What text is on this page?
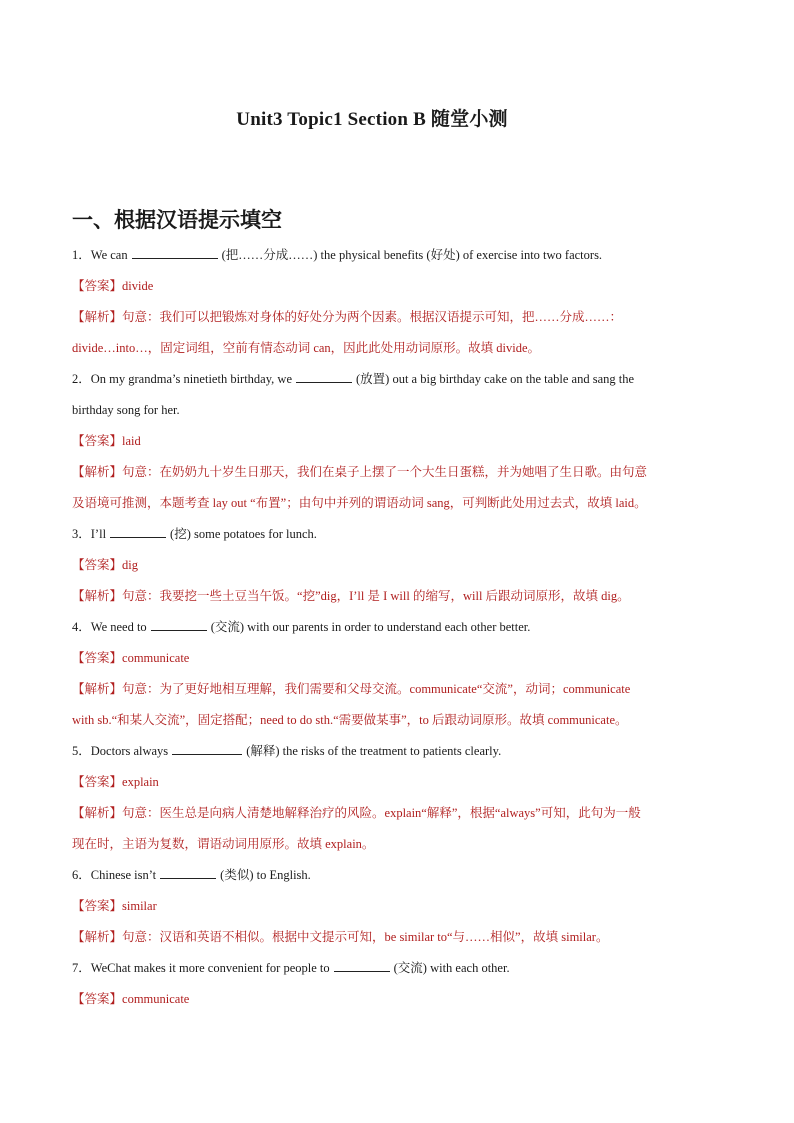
Unit3 Topic1 Section B 随堂小测
一、根据汉语提示填空
1．We can	(把……分成……) the physical benefits (好处) of exercise into two factors.
【答案】divide
【解析】句意：我们可以把锻炼对身体的好处分为两个因素。根据汉语提示可知，把……分成……：
divide…into…，固定词组，空前有情态动词 can，因此此处用动词原形。故填 divide。
2．On my grandma’s ninetieth birthday, we	(放置) out a big birthday cake on the table and sang the
birthday song for her.
【答案】laid
【解析】句意：在奶奶九十岁生日那天，我们在桌子上摆了一个大生日蛋糕，并为她唱了生日歌。由句意
及语境可推测，本题考查 lay out “布置”；由句中并列的谓语动词 sang，可判断此处用过去式，故填 laid。
3．I’ll	(挖) some potatoes for lunch.
【答案】dig
【解析】句意：我要挖一些土豆当午饭。“挖”dig，I’ll 是 I will 的缩写，will 后跟动词原形，故填 dig。
4．We need to	(交流) with our parents in order to understand each other better.
【答案】communicate
【解析】句意：为了更好地相互理解，我们需要和父母交流。communicate“交流”，动词；communicate
with sb.“和某人交流”，固定搭配；need to do sth.“需要做某事”，to 后跟动词原形。故填 communicate。
5．Doctors always	(解释) the risks of the treatment to patients clearly.
【答案】explain
【解析】句意：医生总是向病人清楚地解释治疗的风险。explain“解释”，根据“always”可知，此句为一般
现在时，主语为复数，谓语动词用原形。故填 explain。
6．Chinese isn’t	(类似) to English.
【答案】similar
【解析】句意：汉语和英语不相似。根据中文提示可知，be similar to“与……相似”，故填 similar。
7．WeChat makes it more convenient for people to	(交流) with each other.
【答案】communicate
